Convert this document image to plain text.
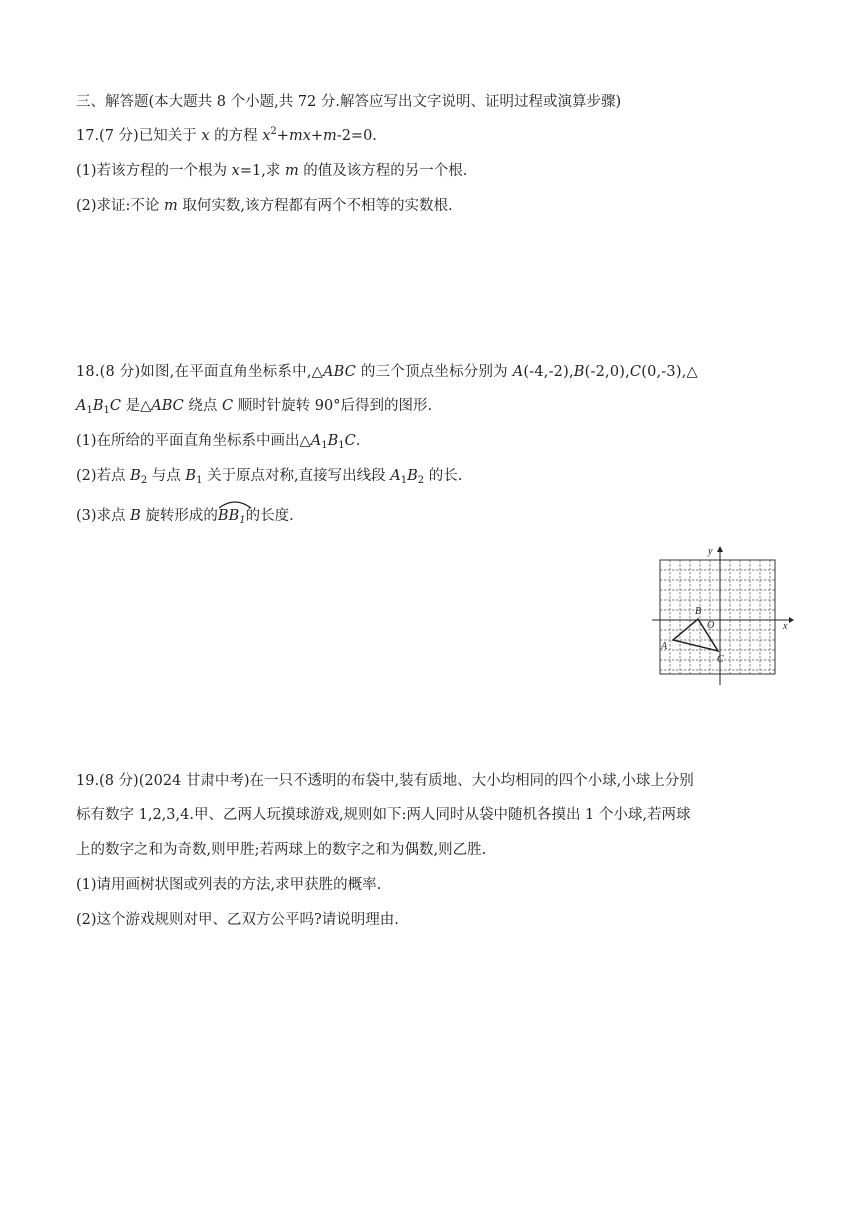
三、解答题(本大题共 8 个小题,共 72 分.解答应写出文字说明、证明过程或演算步骤)
17.(7 分)已知关于 x 的方程 $x^2+mx+m-2=0$.
(1)若该方程的一个根为 x=1,求 m 的值及该方程的另一个根.
(2)求证:不论 m 取何实数,该方程都有两个不相等的实数根.
18.(8 分)如图,在平面直角坐标系中,△ABC 的三个顶点坐标分别为 A(-4,-2),B(-2,0),C(0,-3),△
$A_1B_1C$ 是△ABC 绕点 C 顺时针旋转 90°后得到的图形.
(1)在所给的平面直角坐标系中画出$\triangle A_1B_1C$.
(2)若点 $B_2$ 与点 $B_1$ 关于原点对称,直接写出线段 $A_1B_2$ 的长.
(3)求点 B 旋转形成的
$BB_1$的长度.
x
y
A
B
C
O
19.(8 分)(2024 甘肃中考)在一只不透明的布袋中,装有质地、大小均相同的四个小球,小球上分别
标有数字 1,2,3,4.甲、乙两人玩摸球游戏,规则如下:两人同时从袋中随机各摸出 1 个小球,若两球
上的数字之和为奇数,则甲胜;若两球上的数字之和为偶数,则乙胜.
(1)请用画树状图或列表的方法,求甲获胜的概率.
(2)这个游戏规则对甲、乙双方公平吗?请说明理由.
